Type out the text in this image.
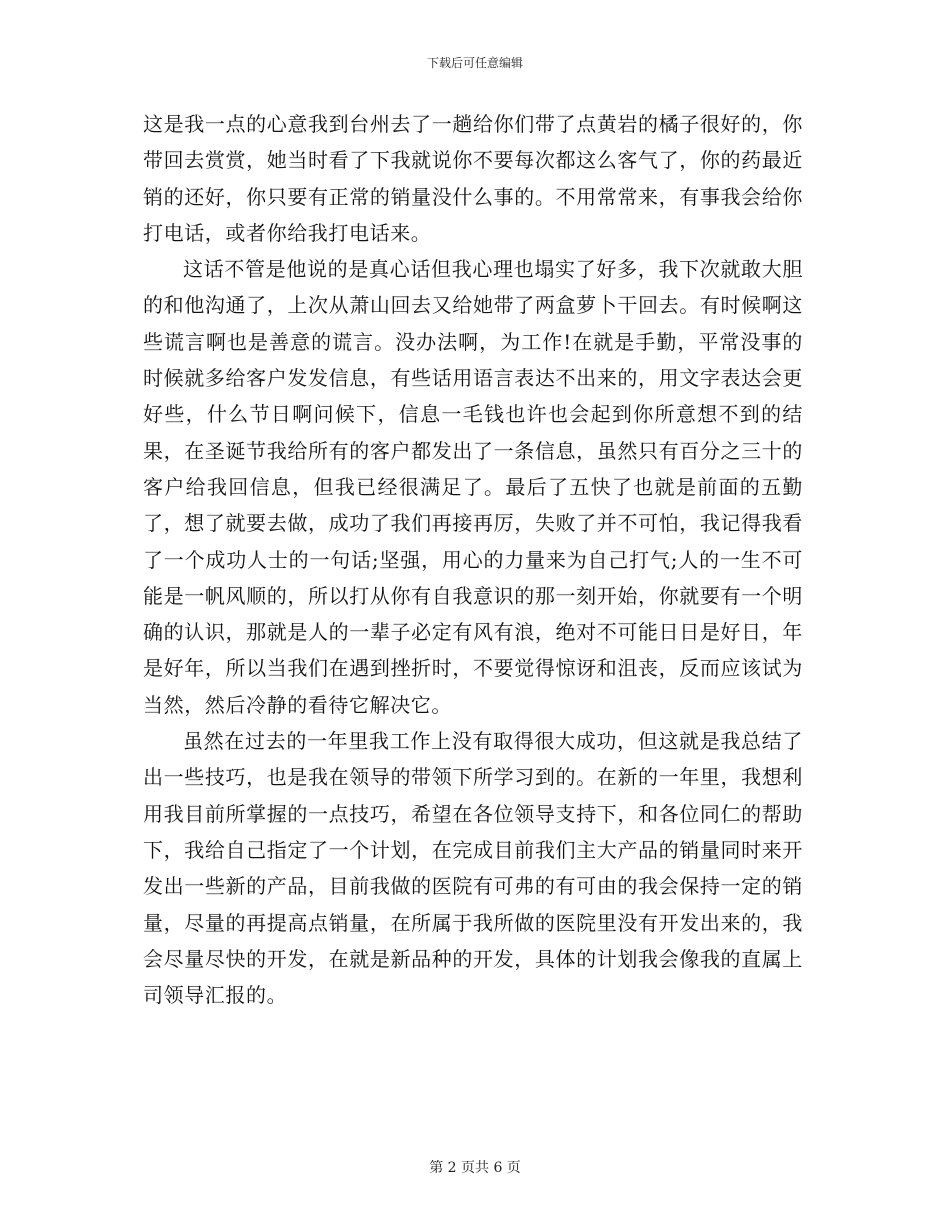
下载后可任意编辑

这是我一点的心意我到台州去了一趟给你们带了点黄岩的橘子很好的，你带回去赏赏，她当时看了下我就说你不要每次都这么客气了，你的药最近销的还好，你只要有正常的销量没什么事的。不用常常来，有事我会给你打电话，或者你给我打电话来。

这话不管是他说的是真心话但我心理也塌实了好多，我下次就敢大胆的和他沟通了，上次从萧山回去又给她带了两盒萝卜干回去。有时候啊这些谎言啊也是善意的谎言。没办法啊，为工作!在就是手勤，平常没事的时候就多给客户发发信息，有些话用语言表达不出来的，用文字表达会更好些，什么节日啊问候下，信息一毛钱也许也会起到你所意想不到的结果，在圣诞节我给所有的客户都发出了一条信息，虽然只有百分之三十的客户给我回信息，但我已经很满足了。最后了五快了也就是前面的五勤了，想了就要去做，成功了我们再接再厉，失败了并不可怕，我记得我看了一个成功人士的一句话;坚强，用心的力量来为自己打气;人的一生不可能是一帆风顺的，所以打从你有自我意识的那一刻开始，你就要有一个明确的认识，那就是人的一辈子必定有风有浪，绝对不可能日日是好日，年是好年，所以当我们在遇到挫折时，不要觉得惊讶和沮丧，反而应该试为当然，然后冷静的看待它解决它。

虽然在过去的一年里我工作上没有取得很大成功，但这就是我总结了出一些技巧，也是我在领导的带领下所学习到的。在新的一年里，我想利用我目前所掌握的一点技巧，希望在各位领导支持下，和各位同仁的帮助下，我给自己指定了一个计划，在完成目前我们主大产品的销量同时来开发出一些新的产品，目前我做的医院有可弗的有可由的我会保持一定的销量，尽量的再提高点销量，在所属于我所做的医院里没有开发出来的，我会尽量尽快的开发，在就是新品种的开发，具体的计划我会像我的直属上司领导汇报的。

第 2 页共 6 页
